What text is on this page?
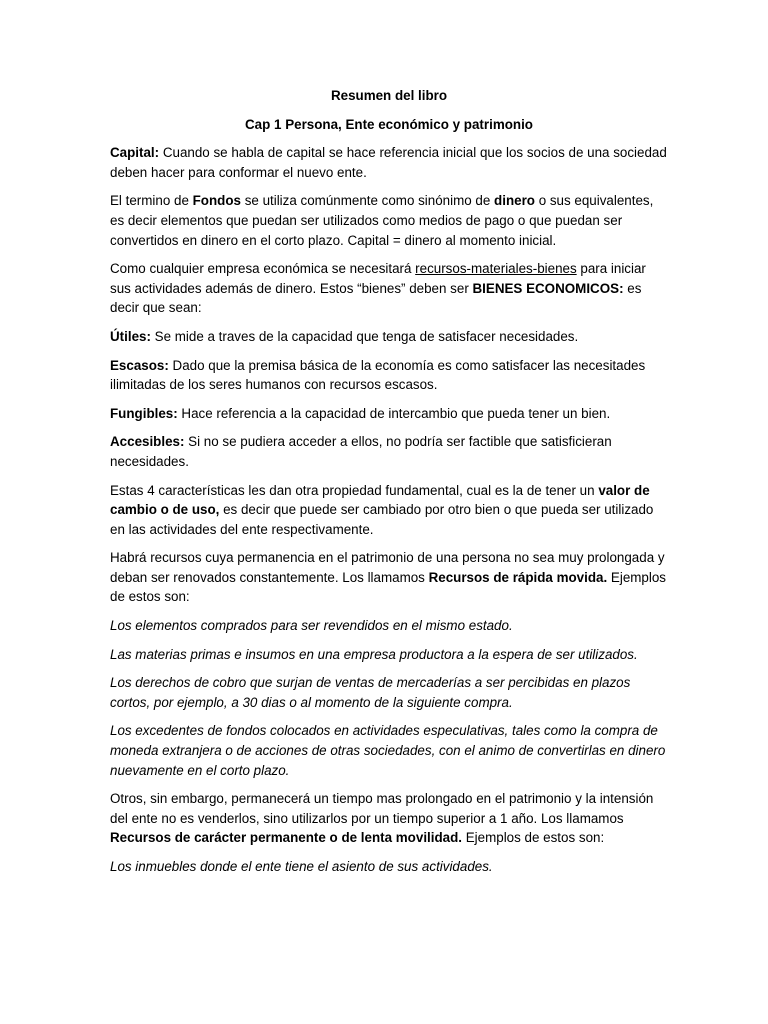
Resumen del libro
Cap 1 Persona, Ente económico y patrimonio

Capital: Cuando se habla de capital se hace referencia inicial que los socios de una sociedad deben hacer para conformar el nuevo ente.

El termino de Fondos se utiliza comúnmente como sinónimo de dinero o sus equivalentes, es decir elementos que puedan ser utilizados como medios de pago o que puedan ser convertidos en dinero en el corto plazo. Capital = dinero al momento inicial.

Como cualquier empresa económica se necesitará recursos-materiales-bienes para iniciar sus actividades además de dinero. Estos “bienes” deben ser BIENES ECONOMICOS: es decir que sean:

Útiles: Se mide a traves de la capacidad que tenga de satisfacer necesidades.

Escasos: Dado que la premisa básica de la economía es como satisfacer las necesitades ilimitadas de los seres humanos con recursos escasos.

Fungibles: Hace referencia a la capacidad de intercambio que pueda tener un bien.

Accesibles: Si no se pudiera acceder a ellos, no podría ser factible que satisficieran necesidades.

Estas 4 características les dan otra propiedad fundamental, cual es la de tener un valor de cambio o de uso, es decir que puede ser cambiado por otro bien o que pueda ser utilizado en las actividades del ente respectivamente.

Habrá recursos cuya permanencia en el patrimonio de una persona no sea muy prolongada y deban ser renovados constantemente. Los llamamos Recursos de rápida movida. Ejemplos de estos son:

Los elementos comprados para ser revendidos en el mismo estado.

Las materias primas e insumos en una empresa productora a la espera de ser utilizados.

Los derechos de cobro que surjan de ventas de mercaderías a ser percibidas en plazos cortos, por ejemplo, a 30 dias o al momento de la siguiente compra.

Los excedentes de fondos colocados en actividades especulativas, tales como la compra de moneda extranjera o de acciones de otras sociedades, con el animo de convertirlas en dinero nuevamente en el corto plazo.

Otros, sin embargo, permanecerá un tiempo mas prolongado en el patrimonio y la intensión del ente no es venderlos, sino utilizarlos por un tiempo superior a 1 año. Los llamamos Recursos de carácter permanente o de lenta movilidad. Ejemplos de estos son:

Los inmuebles donde el ente tiene el asiento de sus actividades.
